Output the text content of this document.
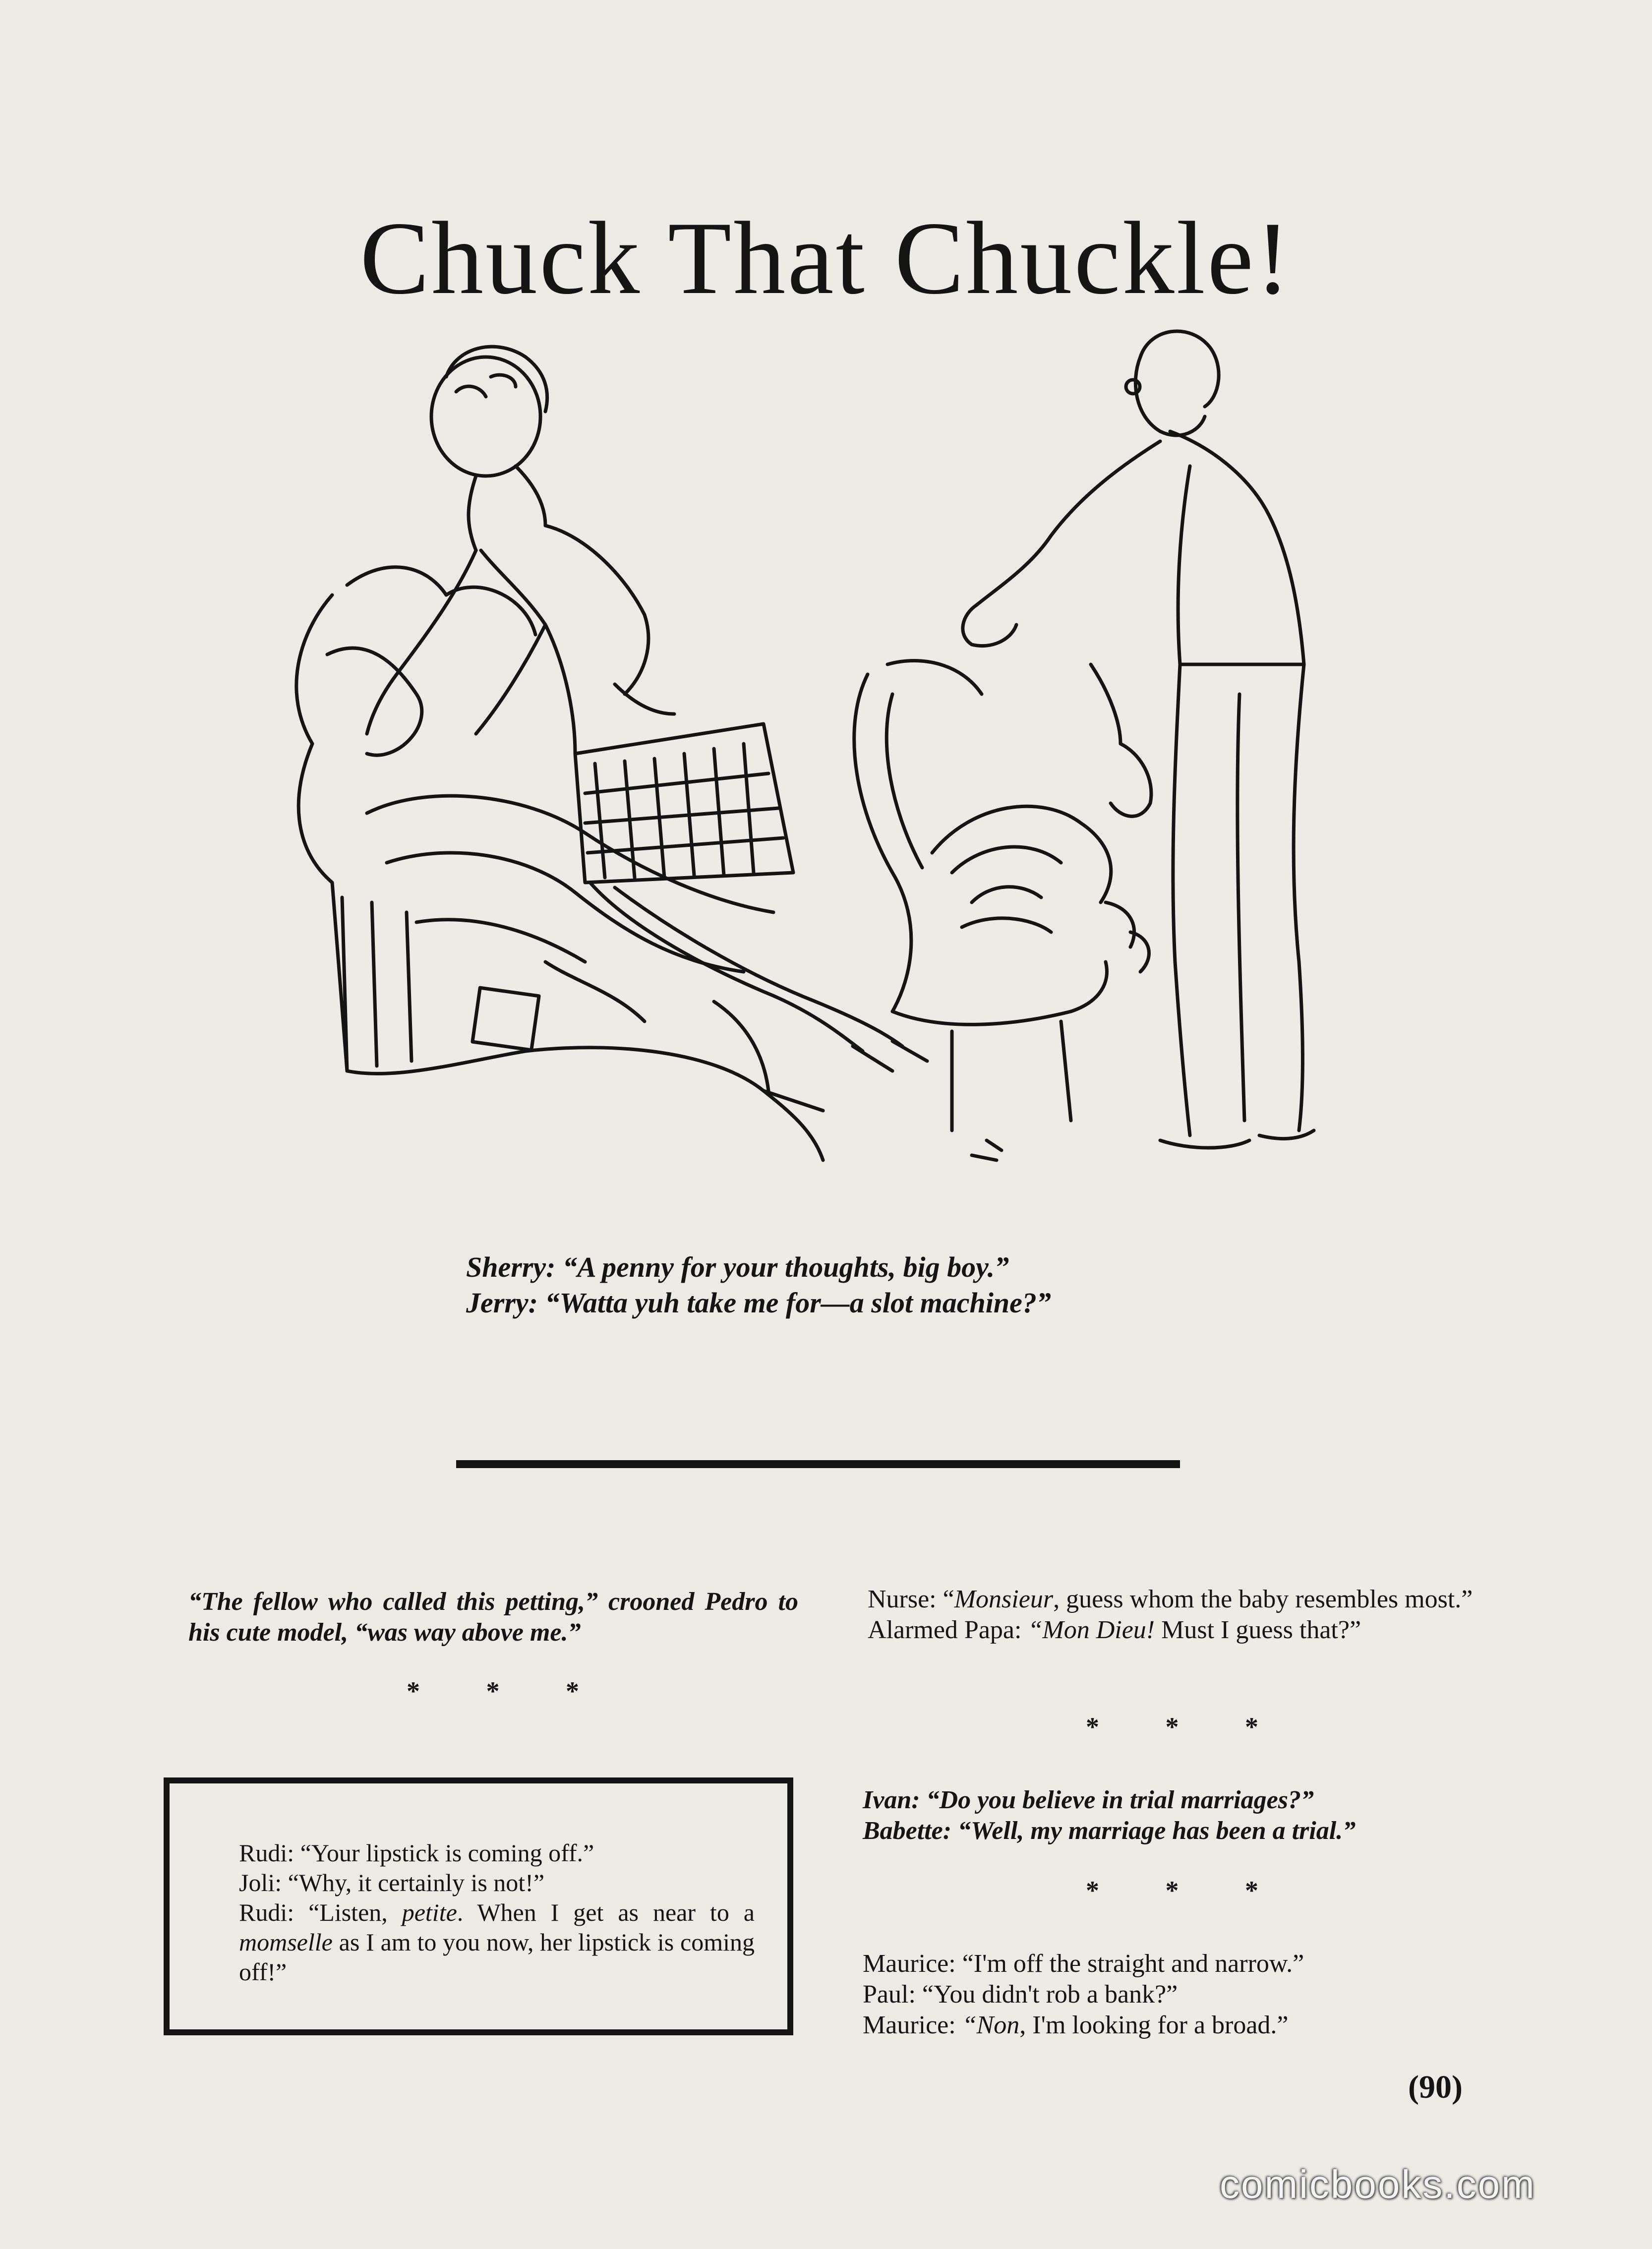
Chuck That Chuckle!

Sherry: “A penny for your thoughts, big boy.”

Jerry: “Watta yuh take me for—a slot machine?”

“The fellow who called this petting,” crooned Pedro to his cute model, “was way above me.”

* * *

Rudi: “Your lipstick is coming off.”

Joli: “Why, it certainly is not!”

Rudi: “Listen, petite. When I get as near to a momselle as I am to you now, her lipstick is coming off!”

Nurse: “Monsieur, guess whom the baby resembles most.”

Alarmed Papa: “Mon Dieu! Must I guess that?”

* * *

Ivan: “Do you believe in trial marriages?”

Babette: “Well, my marriage has been a trial.”

* * *

Maurice: “I'm off the straight and narrow.”

Paul: “You didn't rob a bank?”

Maurice: “Non, I'm looking for a broad.”

(90)
comicbooks.com
